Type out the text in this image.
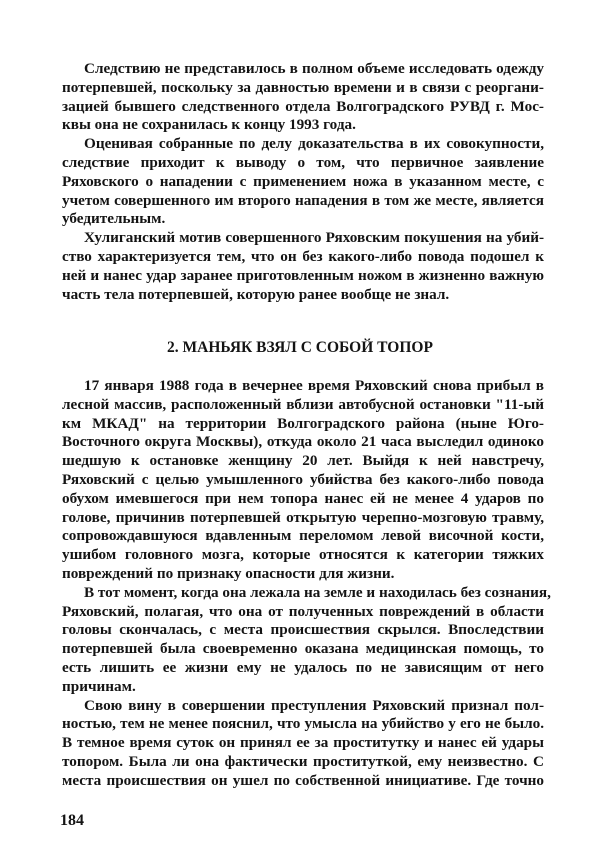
Следствию не представилось в полном объеме исследовать одежду
потерпевшей, поскольку за давностью времени и в связи с реоргани-
зацией бывшего следственного отдела Волгоградского РУВД г. Мос-
квы она не сохранилась к концу 1993 года.
Оценивая собранные по делу доказательства в их совокупности,
следствие приходит к выводу о том, что первичное заявление
Ряховского о нападении с применением ножа в указанном месте, с
учетом совершенного им второго нападения в том же месте, является
убедительным.
Хулиганский мотив совершенного Ряховским покушения на убий-
ство характеризуется тем, что он без какого-либо повода подошел к
ней и нанес удар заранее приготовленным ножом в жизненно важную
часть тела потерпевшей, которую ранее вообще не знал.
2. МАНЬЯК ВЗЯЛ С СОБОЙ ТОПОР
17 января 1988 года в вечернее время Ряховский снова прибыл в
лесной массив, расположенный вблизи автобусной остановки "11-ый
км МКАД" на территории Волгоградского района (ныне Юго-
Восточного округа Москвы), откуда около 21 часа выследил одиноко
шедшую к остановке женщину 20 лет. Выйдя к ней навстречу,
Ряховский с целью умышленного убийства без какого-либо повода
обухом имевшегося при нем топора нанес ей не менее 4 ударов по
голове, причинив потерпевшей открытую черепно-мозговую травму,
сопровождавшуюся вдавленным переломом левой височной кости,
ушибом головного мозга, которые относятся к категории тяжких
повреждений по признаку опасности для жизни.
В тот момент, когда она лежала на земле и находилась без сознания,
Ряховский, полагая, что она от полученных повреждений в области
головы скончалась, с места происшествия скрылся. Впоследствии
потерпевшей была своевременно оказана медицинская помощь, то
есть лишить ее жизни ему не удалось по не зависящим от него
причинам.
Свою вину в совершении преступления Ряховский признал пол-
ностью, тем не менее пояснил, что умысла на убийство у его не было.
В темное время суток он принял ее за проститутку и нанес ей удары
топором. Была ли она фактически проституткой, ему неизвестно. С
места происшествия он ушел по собственной инициативе. Где точно
184
